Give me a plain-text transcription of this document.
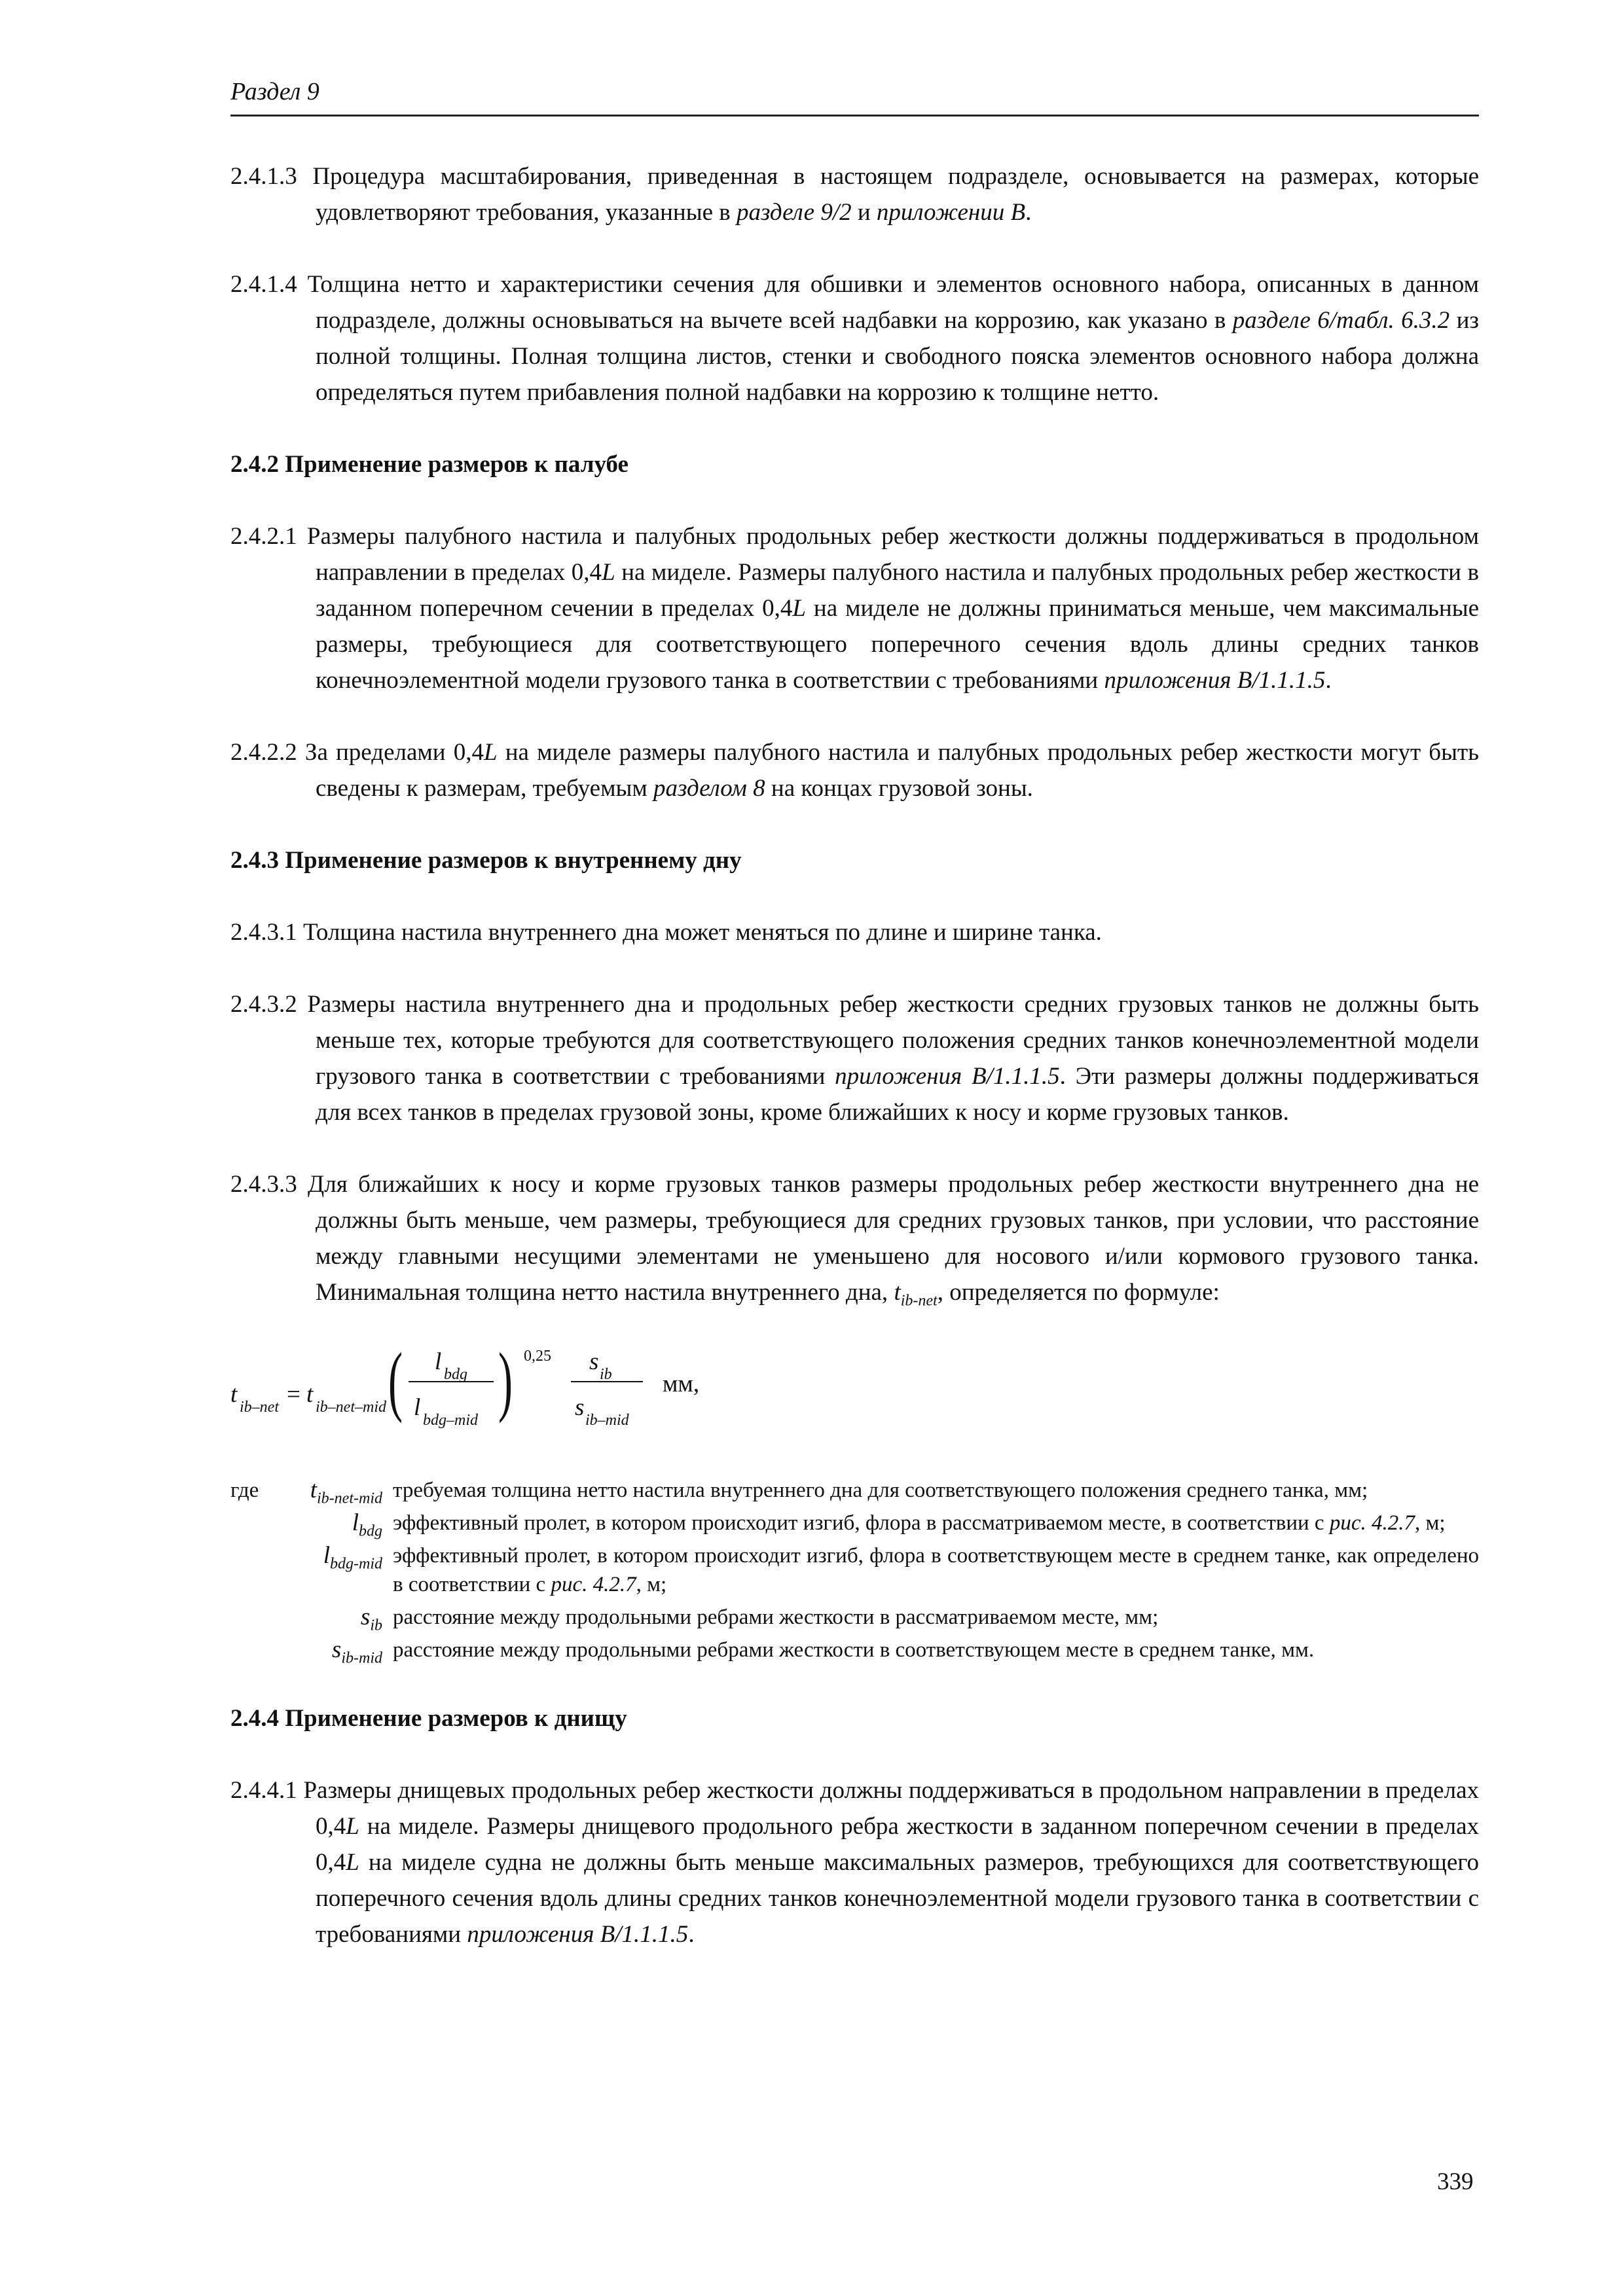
Раздел 9

2.4.1.3 Процедура масштабирования, приведенная в настоящем подразделе, основывается на размерах, которые удовлетворяют требования, указанные в разделе 9/2 и приложении B.

2.4.1.4 Толщина нетто и характеристики сечения для обшивки и элементов основного набора, описанных в данном подразделе, должны основываться на вычете всей надбавки на коррозию, как указано в разделе 6/табл. 6.3.2 из полной толщины. Полная толщина листов, стенки и свободного пояска элементов основного набора должна определяться путем прибавления полной надбавки на коррозию к толщине нетто.

2.4.2 Применение размеров к палубе

2.4.2.1 Размеры палубного настила и палубных продольных ребер жесткости должны поддерживаться в продольном направлении в пределах 0,4L на миделе. Размеры палубного настила и палубных продольных ребер жесткости в заданном поперечном сечении в пределах 0,4L на миделе не должны приниматься меньше, чем максимальные размеры, требующиеся для соответствующего поперечного сечения вдоль длины средних танков конечноэлементной модели грузового танка в соответствии с требованиями приложения B/1.1.1.5.

2.4.2.2 За пределами 0,4L на миделе размеры палубного настила и палубных продольных ребер жесткости могут быть сведены к размерам, требуемым разделом 8 на концах грузовой зоны.

2.4.3 Применение размеров к внутреннему дну

2.4.3.1 Толщина настила внутреннего дна может меняться по длине и ширине танка.

2.4.3.2 Размеры настила внутреннего дна и продольных ребер жесткости средних грузовых танков не должны быть меньше тех, которые требуются для соответствующего положения средних танков конечноэлементной модели грузового танка в соответствии с требованиями приложения B/1.1.1.5. Эти размеры должны поддерживаться для всех танков в пределах грузовой зоны, кроме ближайших к носу и корме грузовых танков.

2.4.3.3 Для ближайших к носу и корме грузовых танков размеры продольных ребер жесткости внутреннего дна не должны быть меньше, чем размеры, требующиеся для средних грузовых танков, при условии, что расстояние между главными несущими элементами не уменьшено для носового и/или кормового грузового танка. Минимальная толщина нетто настила внутреннего дна, $t_{ib-net}$, определяется по формуле:

t ib–net = t ib–net–mid ( l bdg
l bdg–mid ) 0,25 s ib
s ib–mid
мм,
где $t_{ib-net-mid}$ требуемая толщина нетто настила внутреннего дна для соответствующего положения среднего танка, мм;
$l_{bdg}$ эффективный пролет, в котором происходит изгиб, флора в рассматриваемом месте, в соответствии с рис. 4.2.7, м;
$l_{bdg-mid}$ эффективный пролет, в котором происходит изгиб, флора в соответствующем месте в среднем танке, как определено в соответствии с рис. 4.2.7, м;
$s_{ib}$ расстояние между продольными ребрами жесткости в рассматриваемом месте, мм;
$s_{ib-mid}$ расстояние между продольными ребрами жесткости в соответствующем месте в среднем танке, мм.
2.4.4 Применение размеров к днищу

2.4.4.1 Размеры днищевых продольных ребер жесткости должны поддерживаться в продольном направлении в пределах 0,4L на миделе. Размеры днищевого продольного ребра жесткости в заданном поперечном сечении в пределах 0,4L на миделе судна не должны быть меньше максимальных размеров, требующихся для соответствующего поперечного сечения вдоль длины средних танков конечноэлементной модели грузового танка в соответствии с требованиями приложения B/1.1.1.5.

339
